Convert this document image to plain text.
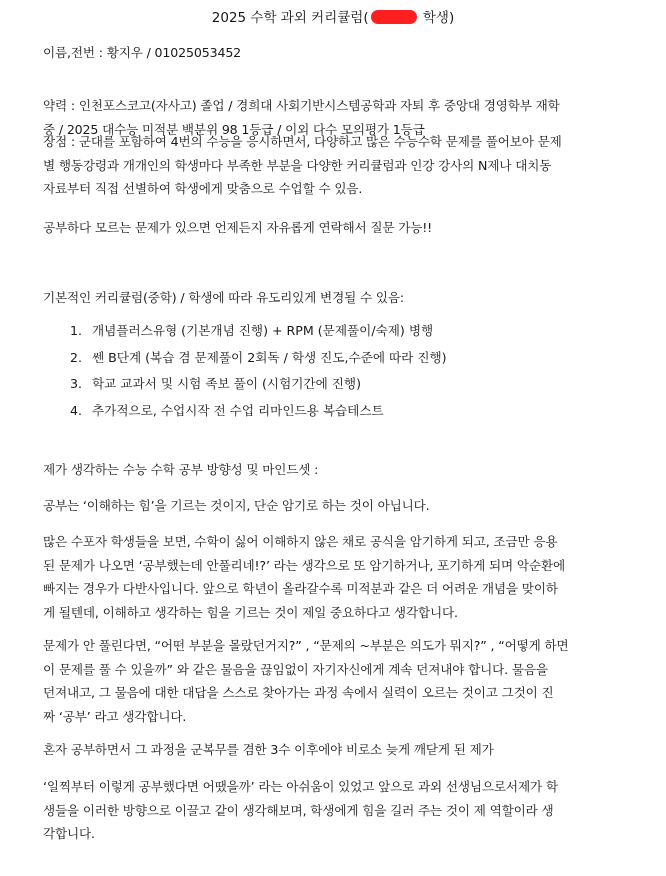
2025 수학 과외 커리큘럼(	학생)

이름,전번 : 황지우 / 01025053452

약력 : 인천포스코고(자사고) 졸업 / 경희대 사회기반시스템공학과 자퇴 후 중앙대 경영학부 재학
중 / 2025 대수능 미적분 백분위 98 1등급 / 이외 다수 모의평가 1등급

장점 : 군대를 포함하여 4번의 수능을 응시하면서, 다양하고 많은 수능수학 문제를 풀어보아 문제
별 행동강령과 개개인의 학생마다 부족한 부분을 다양한 커리큘럼과 인강 강사의 N제나 대치동
자료부터 직접 선별하여 학생에게 맞춤으로 수업할 수 있음.

공부하다 모르는 문제가 있으면 언제든지 자유롭게 연락해서 질문 가능!!

기본적인 커리큘럼(중학) / 학생에 따라 유도리있게 변경될 수 있음:

1. 개념플러스유형 (기본개념 진행) + RPM (문제풀이/숙제) 병행
2. 쎈 B단계 (복습 겸 문제풀이 2회독 / 학생 진도,수준에 따라 진행)
3. 학교 교과서 및 시험 족보 풀이 (시험기간에 진행)
4. 추가적으로, 수업시작 전 수업 리마인드용 복습테스트

제가 생각하는 수능 수학 공부 방향성 및 마인드셋 :

공부는 ‘이해하는 힘’을 기르는 것이지, 단순 암기로 하는 것이 아닙니다.

많은 수포자 학생들을 보면, 수학이 싫어 이해하지 않은 채로 공식을 암기하게 되고, 조금만 응용
된 문제가 나오면 ‘공부했는데 안풀리네!?’ 라는 생각으로 또 암기하거나, 포기하게 되며 악순환에
빠지는 경우가 다반사입니다. 앞으로 학년이 올라갈수록 미적분과 같은 더 어려운 개념을 맞이하
게 될텐데, 이해하고 생각하는 힘을 기르는 것이 제일 중요하다고 생각합니다.

문제가 안 풀린다면, “어떤 부분을 몰랐던거지?” , “문제의 ~부분은 의도가 뭐지?” , “어떻게 하면
이 문제를 풀 수 있을까” 와 같은 물음을 끊임없이 자기자신에게 계속 던져내야 합니다. 물음을
던져내고, 그 물음에 대한 대답을 스스로 찾아가는 과정 속에서 실력이 오르는 것이고 그것이 진
짜 ‘공부’ 라고 생각합니다.

혼자 공부하면서 그 과정을 군복무를 겸한 3수 이후에야 비로소 늦게 깨닫게 된 제가

‘일찍부터 이렇게 공부했다면 어땠을까’ 라는 아쉬움이 있었고 앞으로 과외 선생님으로서제가 학
생들을 이러한 방향으로 이끌고 같이 생각해보며, 학생에게 힘을 길러 주는 것이 제 역할이라 생
각합니다.
